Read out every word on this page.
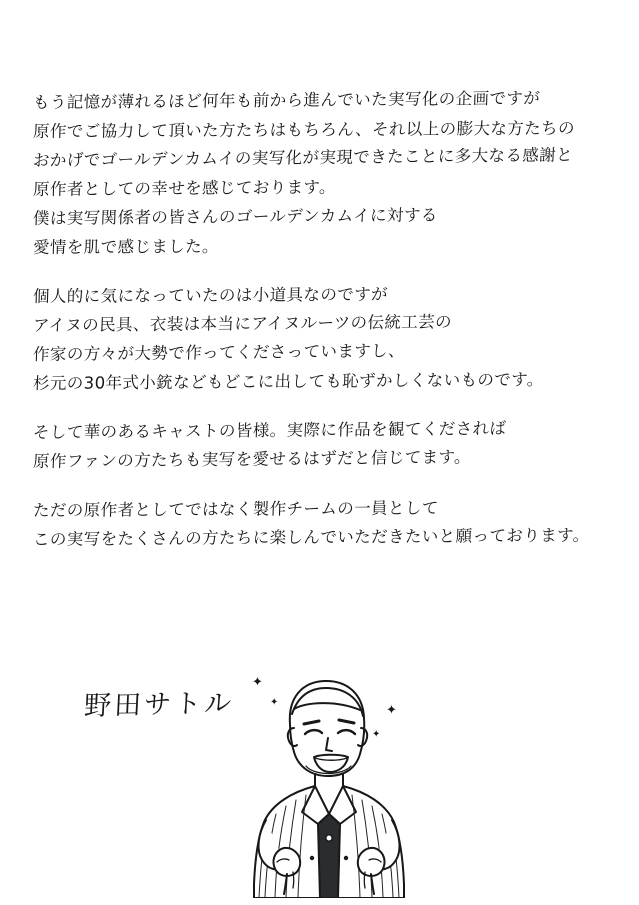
もう記憶が薄れるほど何年も前から進んでいた実写化の企画ですが
原作でご協力して頂いた方たちはもちろん、それ以上の膨大な方たちの
おかげでゴールデンカムイの実写化が実現できたことに多大なる感謝と
原作者としての幸せを感じております。
僕は実写関係者の皆さんのゴールデンカムイに対する
愛情を肌で感じました。

個人的に気になっていたのは小道具なのですが
アイヌの民具、衣装は本当にアイヌルーツの伝統工芸の
作家の方々が大勢で作ってくださっていますし、
杉元の30年式小銃などもどこに出しても恥ずかしくないものです。

そして華のあるキャストの皆様。実際に作品を観てくだされば
原作ファンの方たちも実写を愛せるはずだと信じてます。

ただの原作者としてではなく製作チームの一員として
この実写をたくさんの方たちに楽しんでいただきたいと願っております。

野田サトル
✦
✦
✦
✦
